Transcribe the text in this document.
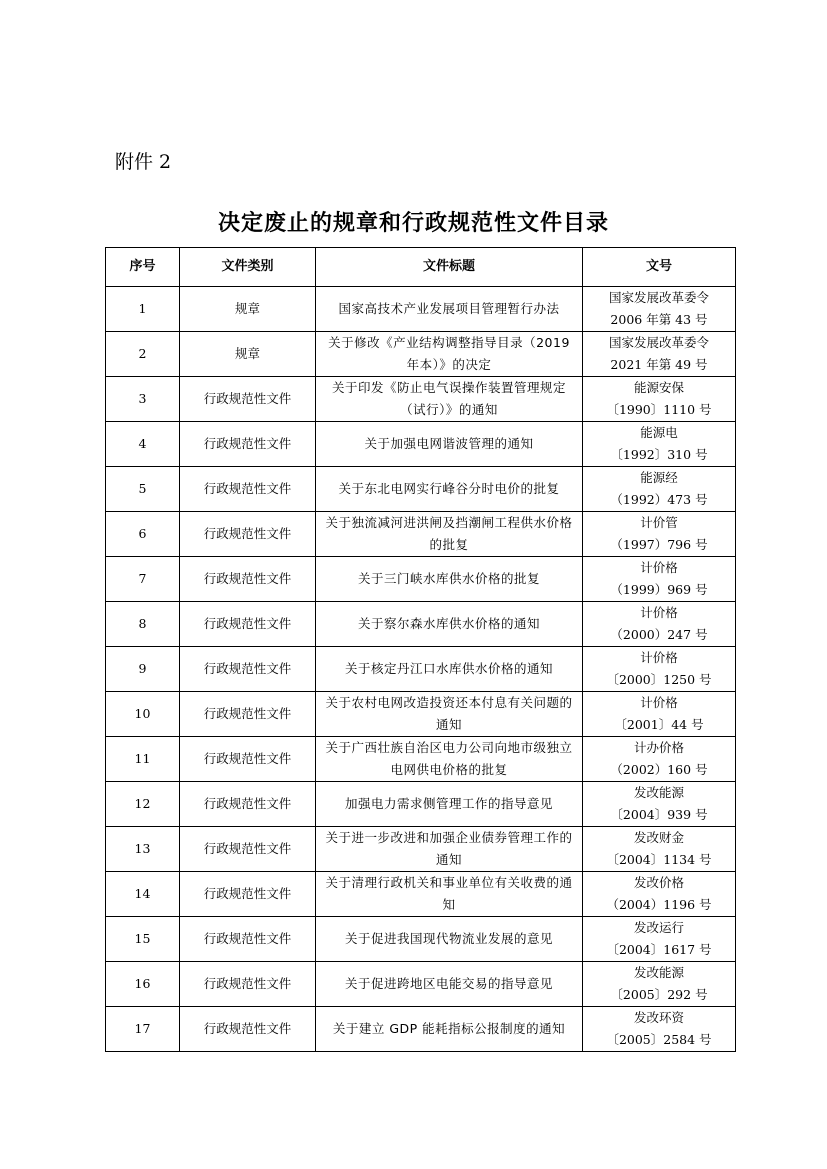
附件 2
决定废止的规章和行政规范性文件目录
序号	文件类别	文件标题	文号
1	规章	国家高技术产业发展项目管理暂行办法	国家发展改革委令
2006 年第 43 号

2	规章	关于修改《产业结构调整指导目录（2019 年本）》的决定	国家发展改革委令
2021 年第 49 号

3	行政规范性文件	关于印发《防止电气误操作装置管理规定（试行）》的通知	能源安保
〔1990〕1110 号

4	行政规范性文件	关于加强电网谐波管理的通知	能源电
〔1992〕310 号

5	行政规范性文件	关于东北电网实行峰谷分时电价的批复	能源经
（1992）473 号

6	行政规范性文件	关于独流减河进洪闸及挡潮闸工程供水价格的批复	计价管
（1997）796 号

7	行政规范性文件	关于三门峡水库供水价格的批复	计价格
（1999）969 号

8	行政规范性文件	关于察尔森水库供水价格的通知	计价格
（2000）247 号

9	行政规范性文件	关于核定丹江口水库供水价格的通知	计价格
〔2000〕1250 号

10	行政规范性文件	关于农村电网改造投资还本付息有关问题的通知	计价格
〔2001〕44 号

11	行政规范性文件	关于广西壮族自治区电力公司向地市级独立电网供电价格的批复	计办价格
（2002）160 号

12	行政规范性文件	加强电力需求侧管理工作的指导意见	发改能源
〔2004〕939 号

13	行政规范性文件	关于进一步改进和加强企业债券管理工作的通知	发改财金
〔2004〕1134 号

14	行政规范性文件	关于清理行政机关和事业单位有关收费的通知	发改价格
（2004）1196 号

15	行政规范性文件	关于促进我国现代物流业发展的意见	发改运行
〔2004〕1617 号

16	行政规范性文件	关于促进跨地区电能交易的指导意见	发改能源
〔2005〕292 号

17	行政规范性文件	关于建立 GDP 能耗指标公报制度的通知	发改环资
〔2005〕2584 号
